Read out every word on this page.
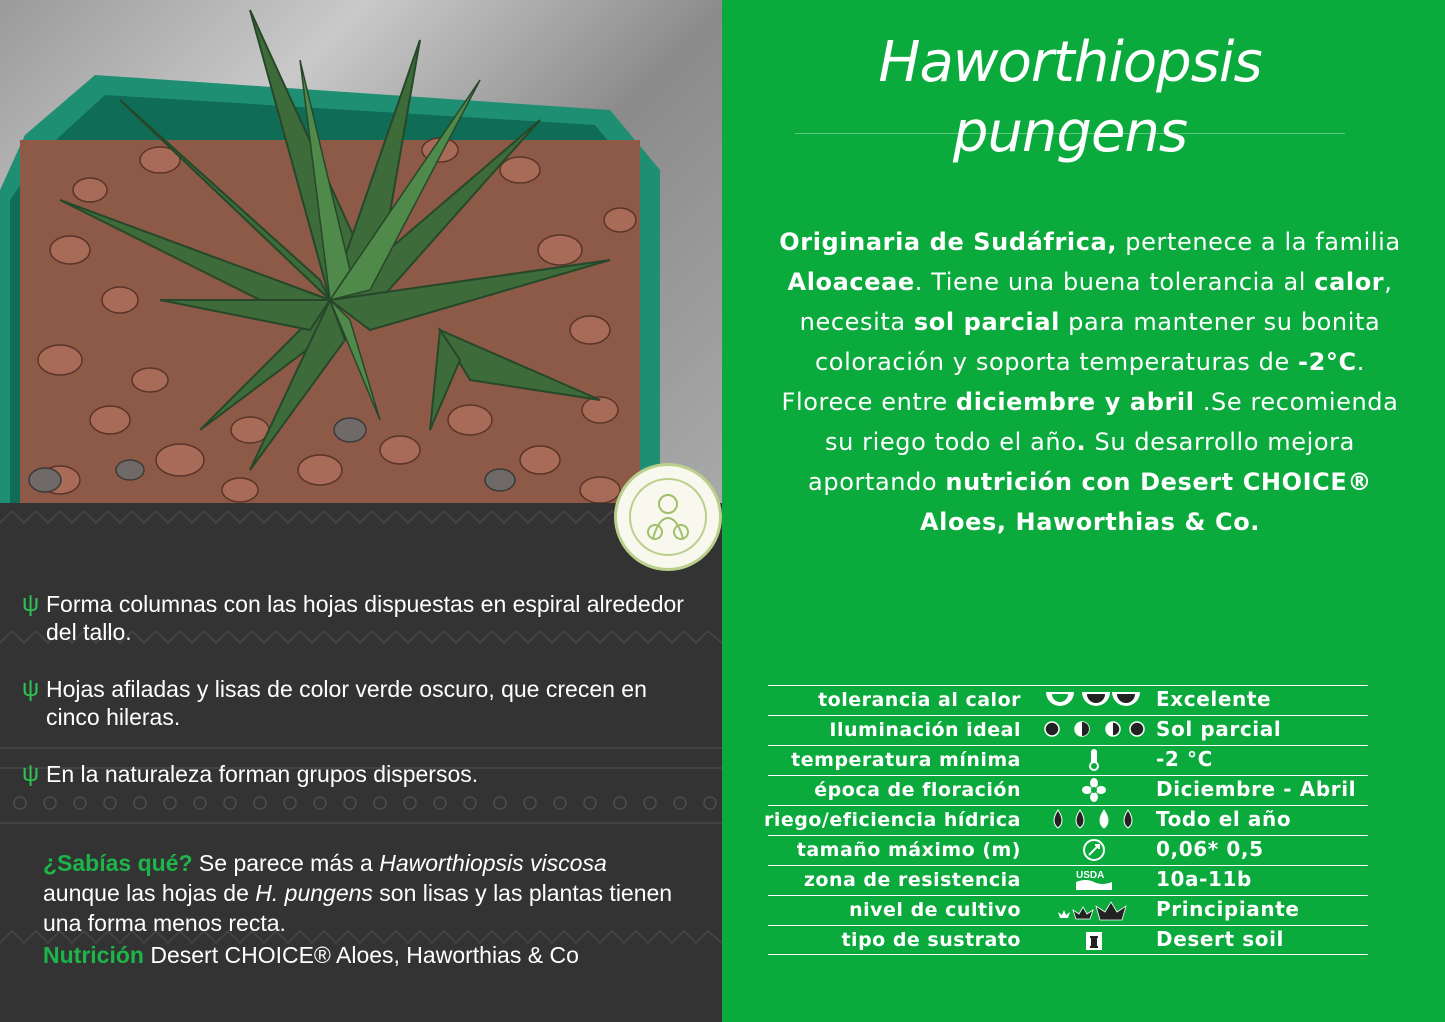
ψ Forma columnas con las hojas dispuestas en espiral alrededor del tallo.
ψ Hojas afiladas y lisas de color verde oscuro, que crecen en cinco hileras.
ψ En la naturaleza forman grupos dispersos.
¿Sabías qué? Se parece más a Haworthiopsis viscosa aunque las hojas de H. pungens son lisas y las plantas tienen una forma menos recta.
Nutrición Desert CHOICE® Aloes, Haworthias & Co
Haworthiopsis
pungens
Originaria de Sudáfrica, pertenece a la familia Aloaceae. Tiene una buena tolerancia al calor, necesita sol parcial para mantener su bonita coloración y soporta temperaturas de -2°C. Florece entre diciembre y abril .Se recomienda su riego todo el año. Su desarrollo mejora aportando nutrición con Desert CHOICE® Aloes, Haworthias & Co.
tolerancia al calor	Excelente
Iluminación ideal	Sol parcial
temperatura mínima	-2 °C
época de floración	Diciembre - Abril
riego/eficiencia hídrica	Todo el año
tamaño máximo (m)	0,06* 0,5
zona de resistencia	USDA	10a-11b
nivel de cultivo	Principiante
tipo de sustrato	Desert soil
